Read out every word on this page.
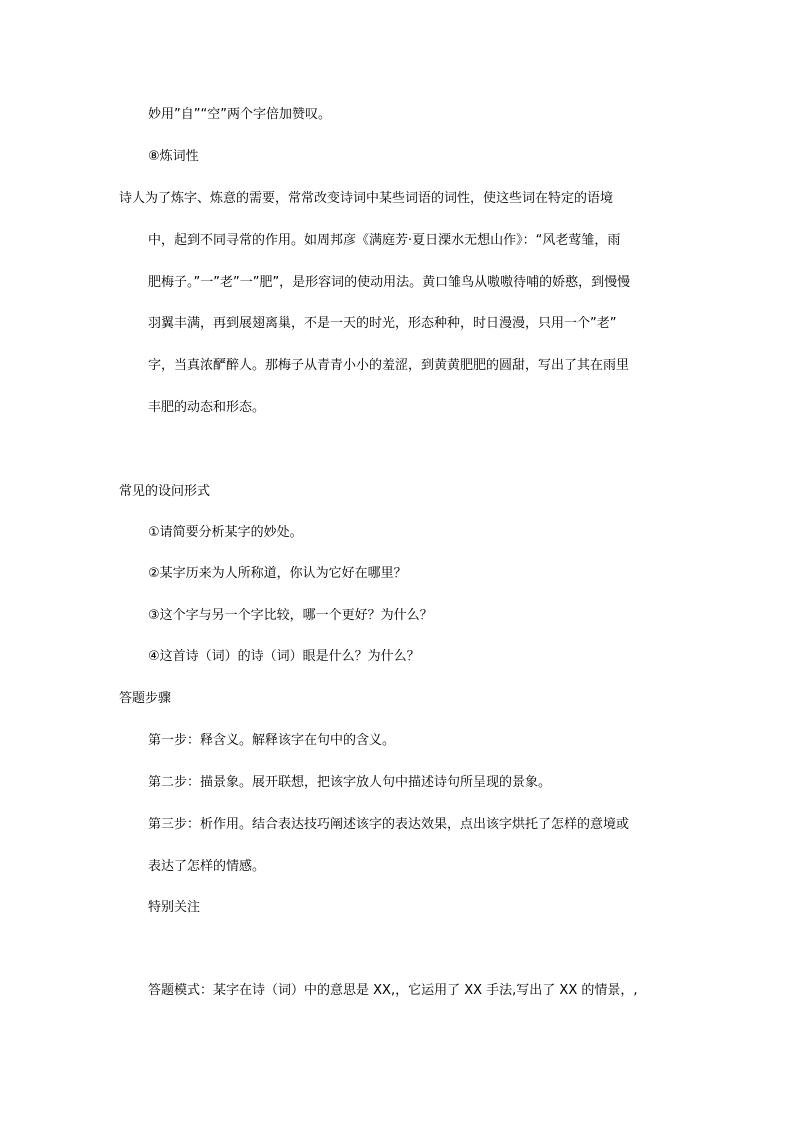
妙用”自”“空”两个字倍加赞叹。
⑧炼词性
诗人为了炼字、炼意的需要，常常改变诗词中某些词语的词性，使这些词在特定的语境
中，起到不同寻常的作用。如周邦彦《满庭芳·夏日溧水无想山作》：“风老莺雏，雨
肥梅子。”一”老”一”肥”，是形容词的使动用法。黄口雏鸟从嗷嗷待哺的娇憨，到慢慢
羽翼丰满，再到展翅离巢，不是一天的时光，形态种种，时日漫漫，只用一个”老”
字，当真浓酽醉人。那梅子从青青小小的羞涩，到黄黄肥肥的圆甜，写出了其在雨里
丰肥的动态和形态。
常见的设问形式
①请简要分析某字的妙处。
②某字历来为人所称道，你认为它好在哪里？
③这个字与另一个字比较，哪一个更好？为什么？
④这首诗（词）的诗（词）眼是什么？为什么？
答题步骤
第一步：释含义。解释该字在句中的含义。
第二步：描景象。展开联想，把该字放人句中描述诗句所呈现的景象。
第三步：析作用。结合表达技巧阐述该字的表达效果，点出该字烘托了怎样的意境或
表达了怎样的情感。
特别关注
答题模式：某字在诗（词）中的意思是 XX,，它运用了 XX 手法,写出了 XX 的情景，,
